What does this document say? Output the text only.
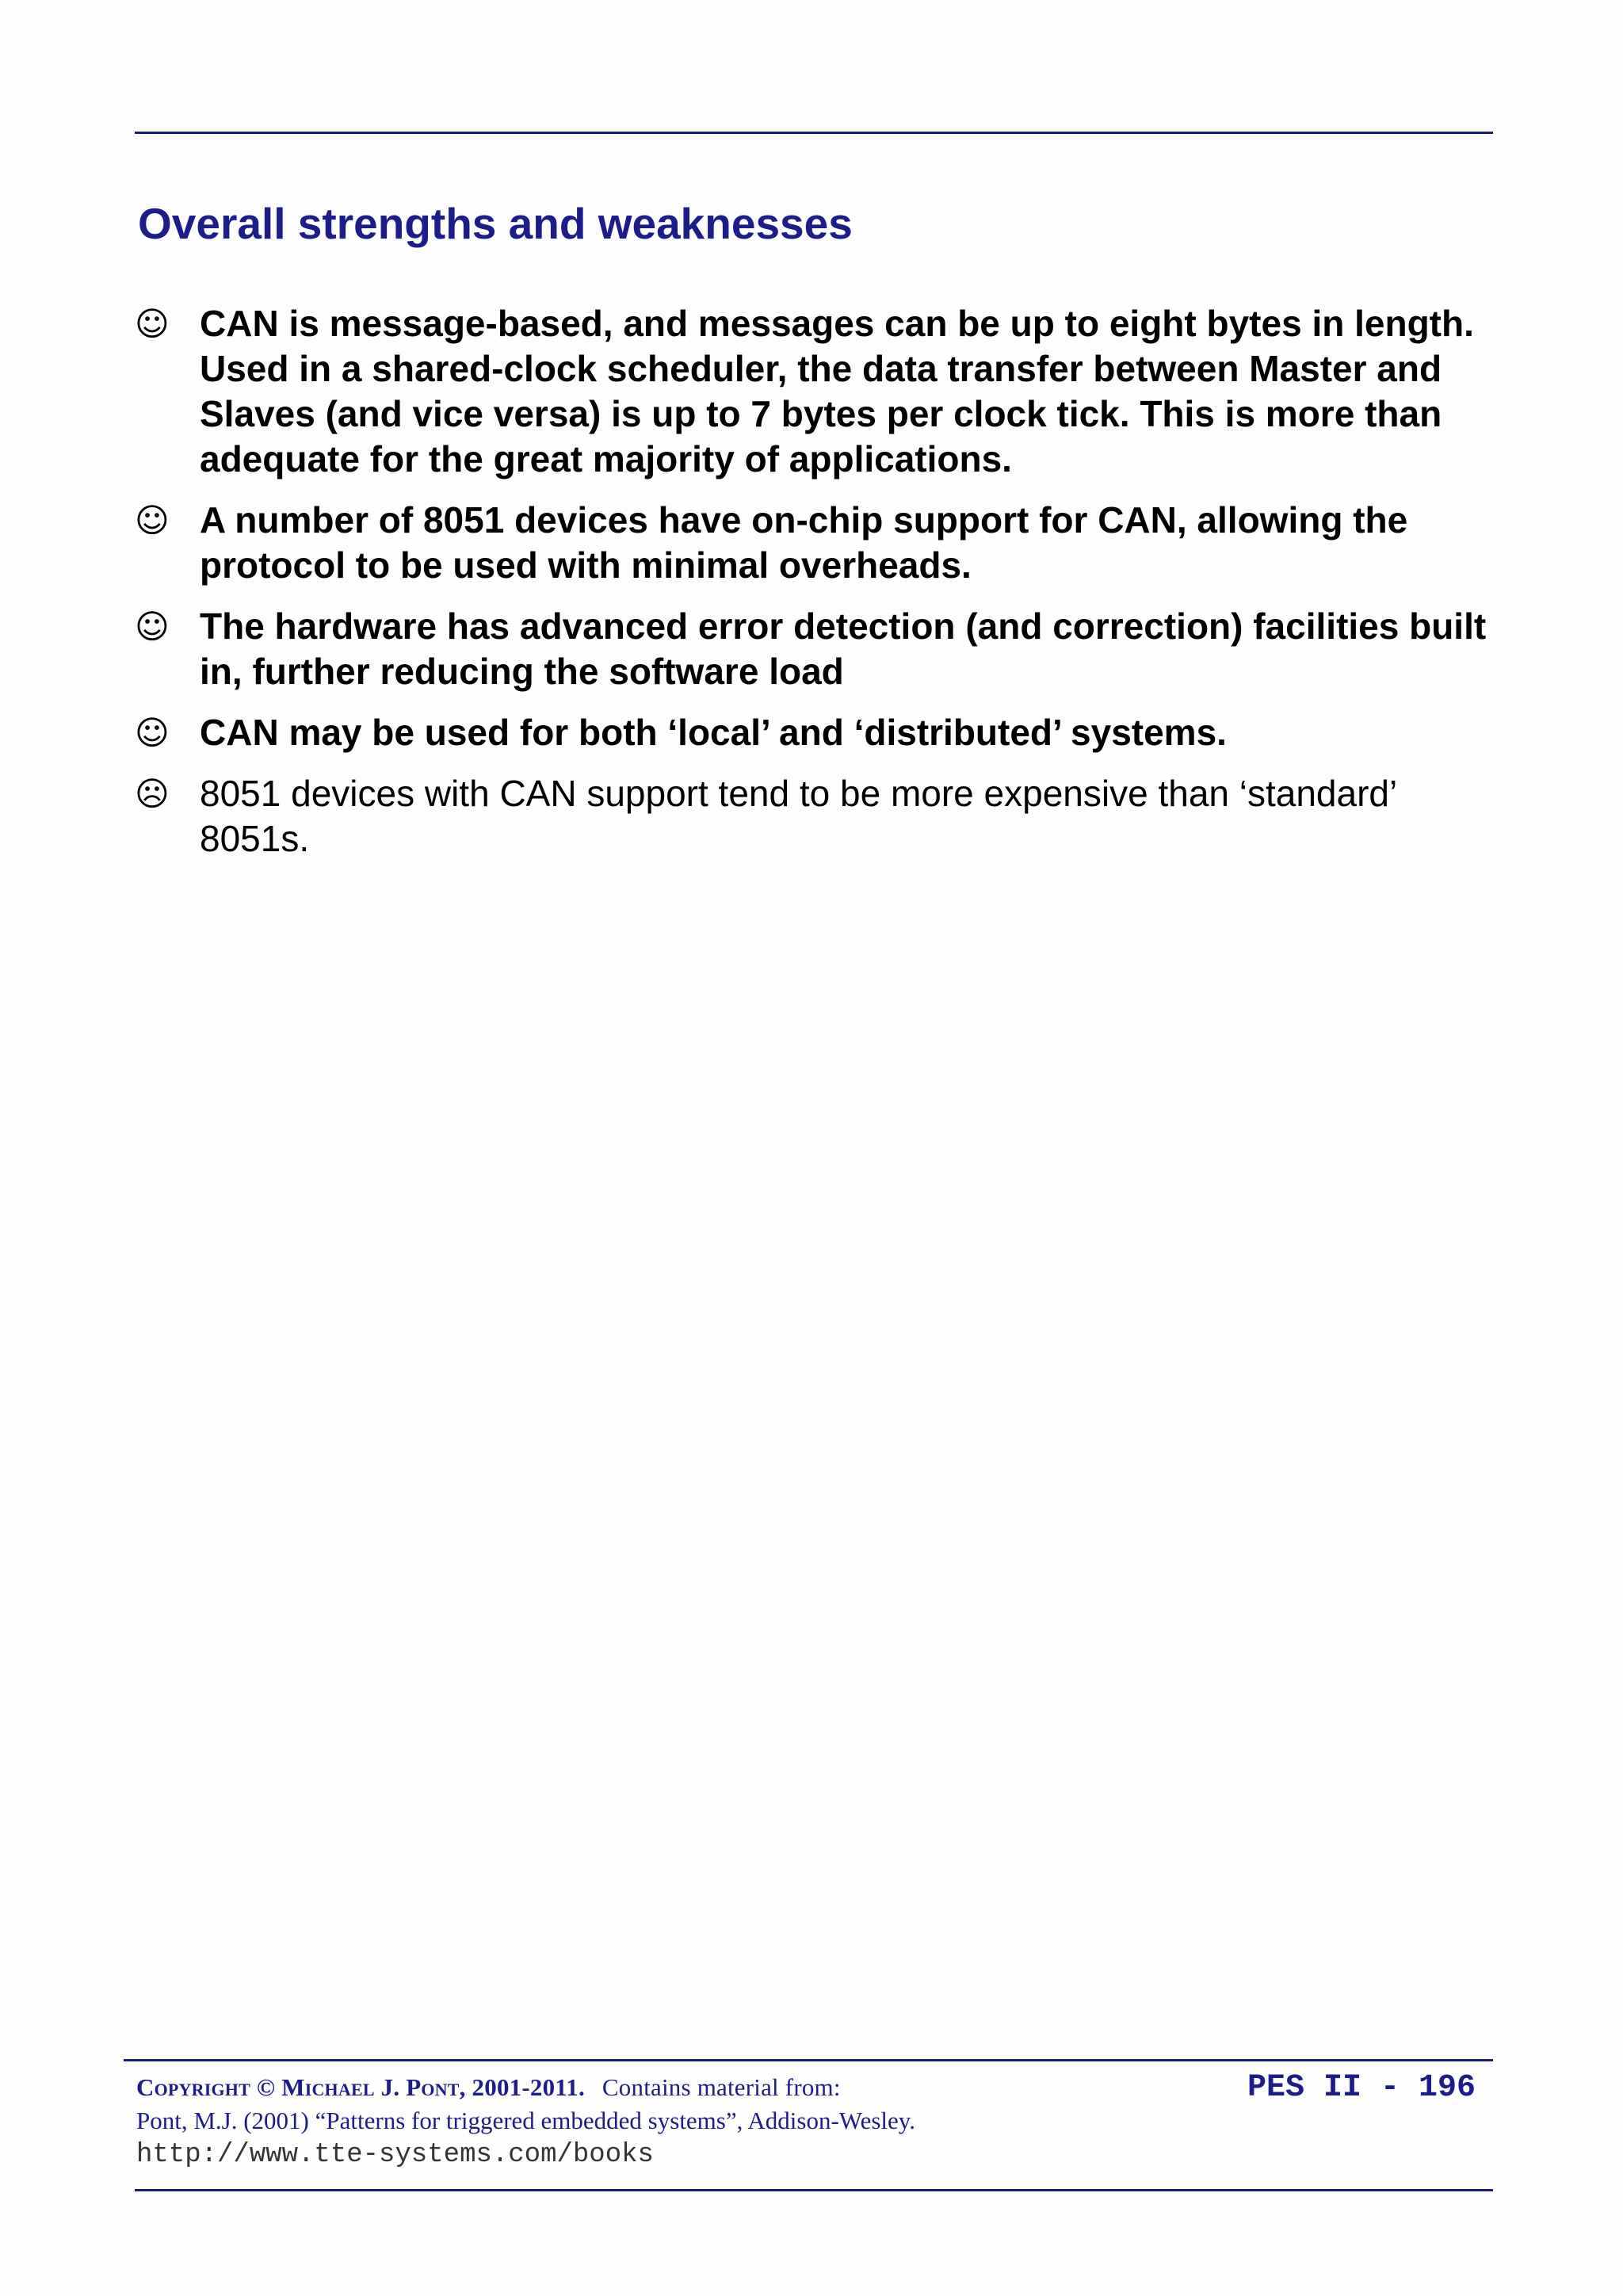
Overall strengths and weaknesses
☺ CAN is message-based, and messages can be up to eight bytes in length. Used in a shared-clock scheduler, the data transfer between Master and Slaves (and vice versa) is up to 7 bytes per clock tick. This is more than adequate for the great majority of applications.
☺ A number of 8051 devices have on-chip support for CAN, allowing the protocol to be used with minimal overheads.
☺ The hardware has advanced error detection (and correction) facilities built in, further reducing the software load
☺ CAN may be used for both ‘local’ and ‘distributed’ systems.
☹ 8051 devices with CAN support tend to be more expensive than ‘standard’ 8051s.
Copyright © Michael J. Pont, 2001-2011. Contains material from:
Pont, M.J. (2001) “Patterns for triggered embedded systems”, Addison-Wesley.
http://www.tte-systems.com/books
PES II - 196
